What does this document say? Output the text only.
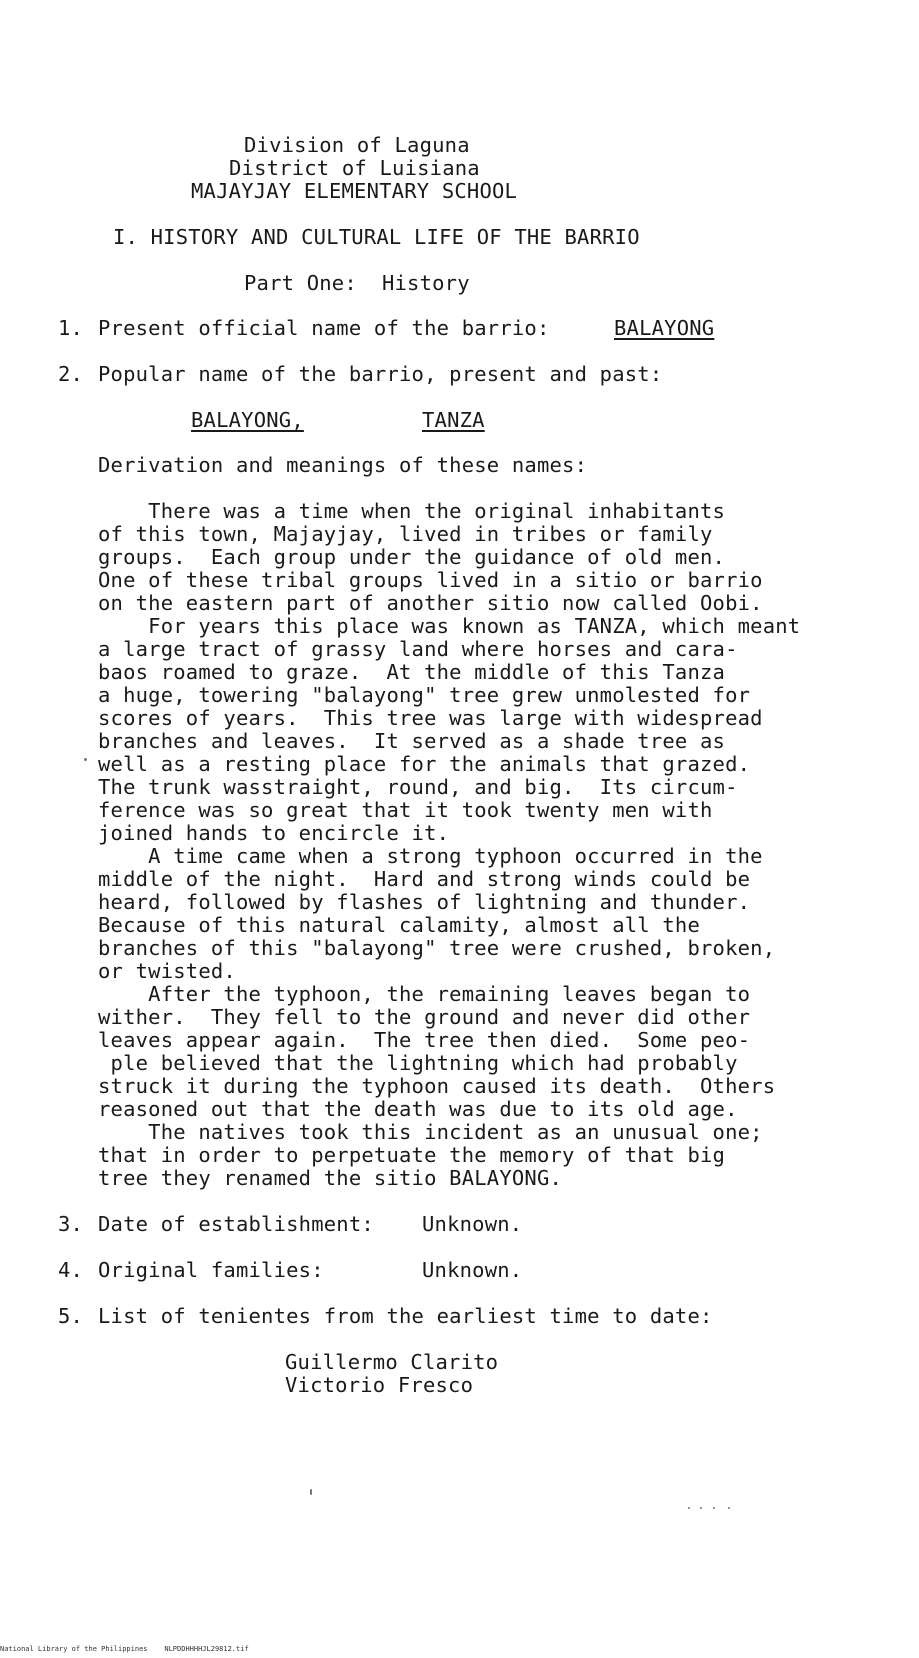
Division of Laguna
District of Luisiana
MAJAYJAY ELEMENTARY SCHOOL
I. HISTORY AND CULTURAL LIFE OF THE BARRIO
Part One:  History
1. Present official name of the barrio:	BALAYONG
2. Popular name of the barrio, present and past:
BALAYONG,	TANZA
Derivation and meanings of these names:
There was a time when the original inhabitants
of this town, Majayjay, lived in tribes or family
groups.  Each group under the guidance of old men.
One of these tribal groups lived in a sitio or barrio
on the eastern part of another sitio now called Oobi.
For years this place was known as TANZA, which meant
a large tract of grassy land where horses and cara-
baos roamed to graze.  At the middle of this Tanza
a huge, towering "balayong" tree grew unmolested for
scores of years.  This tree was large with widespread
branches and leaves.  It served as a shade tree as
well as a resting place for the animals that grazed.
The trunk wasstraight, round, and big.  Its circum-
ference was so great that it took twenty men with
joined hands to encircle it.
A time came when a strong typhoon occurred in the
middle of the night.  Hard and strong winds could be
heard, followed by flashes of lightning and thunder.
Because of this natural calamity, almost all the
branches of this "balayong" tree were crushed, broken,
or twisted.
After the typhoon, the remaining leaves began to
wither.  They fell to the ground and never did other
leaves appear again.  The tree then died.  Some peo-
ple believed that the lightning which had probably
struck it during the typhoon caused its death.  Others
reasoned out that the death was due to its old age.
The natives took this incident as an unusual one;
that in order to perpetuate the memory of that big
tree they renamed the sitio BALAYONG.
3. Date of establishment: Unknown.
4. Original families:	Unknown.
5. List of tenientes from the earliest time to date:
Guillermo Clarito
Victorio Fresco
National Library of the Philippines NLPDDHHHHJL29812.tif
